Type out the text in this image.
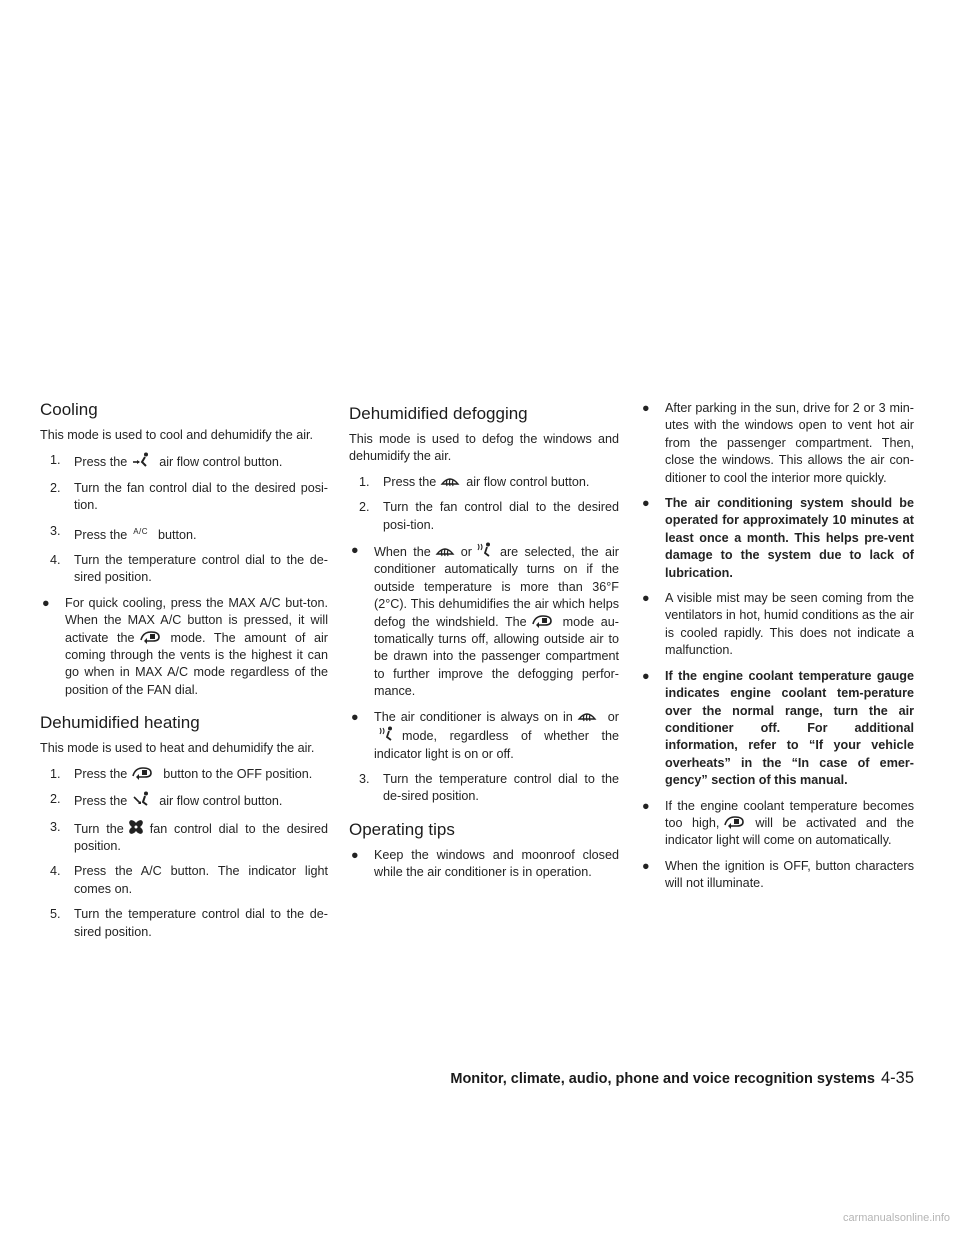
Cooling

This mode is used to cool and dehumidify the air.

1. Press the	air flow control button.
2. Turn the fan control dial to the desired posi-tion.
3. Press the $^{A/C}$ button.
4. Turn the temperature control dial to the de-sired position.
● For quick cooling, press the MAX A/C but-ton. When the MAX A/C button is pressed, it will activate the	mode. The amount of air coming through the vents is the highest it can go when in MAX A/C mode regardless of the position of the FAN dial.
Dehumidified heating

This mode is used to heat and dehumidify the air.

1. Press the	button to the OFF position.
2. Press the	air flow control button.
3. Turn the fan control dial to the desired position.
4. Press the A/C button. The indicator light comes on.
5. Turn the temperature control dial to the de-sired position.
Dehumidified defogging

This mode is used to defog the windows and dehumidify the air.

1. Press the air flow control button.
2. Turn the fan control dial to the desired posi-tion.
● When the or are selected, the air conditioner automatically turns on if the outside temperature is more than 36°F (2°C). This dehumidifies the air which helps defog the windshield. The	mode au-tomatically turns off, allowing outside air to be drawn into the passenger compartment to further improve the defogging perfor-mance.
● The air conditioner is always on in	or
mode, regardless of whether the indicator light is on or off.
3. Turn the temperature control dial to the de-sired position.
Operating tips
● Keep the windows and moonroof closed while the air conditioner is in operation.
● After parking in the sun, drive for 2 or 3 min-utes with the windows open to vent hot air from the passenger compartment. Then, close the windows. This allows the air con-ditioner to cool the interior more quickly.
● The air conditioning system should be operated for approximately 10 minutes at least once a month. This helps pre-vent damage to the system due to lack of lubrication.
● A visible mist may be seen coming from the ventilators in hot, humid conditions as the air is cooled rapidly. This does not indicate a malfunction.
● If the engine coolant temperature gauge indicates engine coolant tem-perature over the normal range, turn the air conditioner off. For additional information, refer to “If your vehicle overheats” in the “In case of emer-gency” section of this manual.
● If the engine coolant temperature becomes too high,	will be activated and the indicator light will come on automatically.
● When the ignition is OFF, button characters will not illuminate.
Monitor, climate, audio, phone and voice recognition systems 4-35
carmanualsonline.info
